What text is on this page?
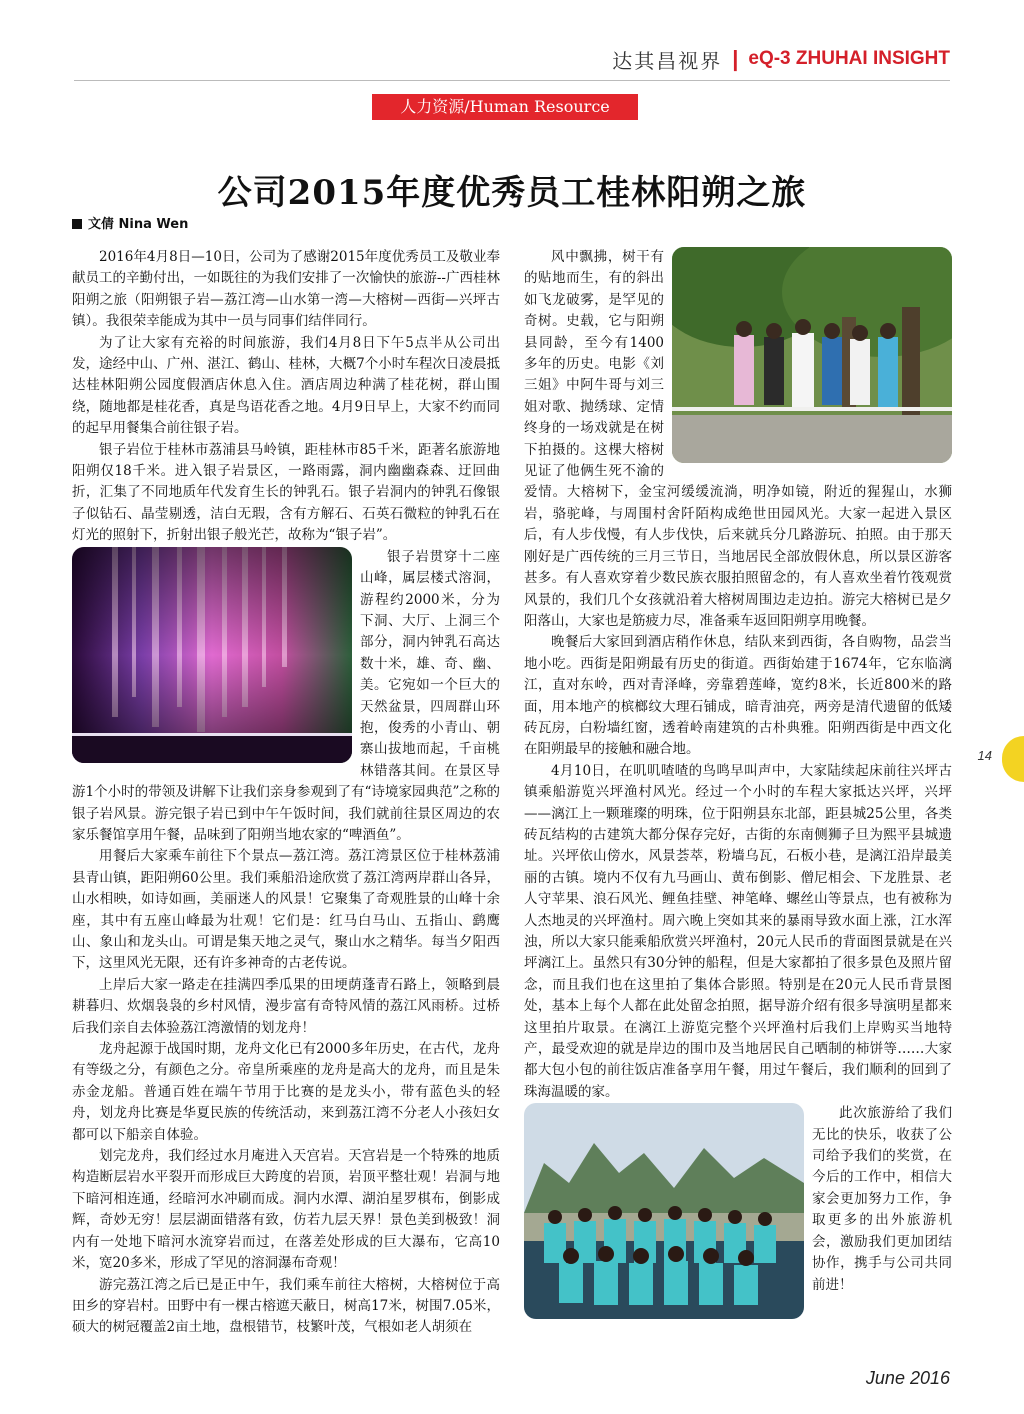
达其昌视界 | eQ-3 ZHUHAI INSIGHT
人力资源/Human Resource
公司2015年度优秀员工桂林阳朔之旅
文倩 Nina Wen

2016年4月8日—10日，公司为了感谢2015年度优秀员工及敬业奉献员工的辛勤付出，一如既往的为我们安排了一次愉快的旅游--广西桂林阳朔之旅（阳朔银子岩—荔江湾—山水第一湾—大榕树—西街—兴坪古镇）。我很荣幸能成为其中一员与同事们结伴同行。

为了让大家有充裕的时间旅游，我们4月8日下午5点半从公司出发，途经中山、广州、湛江、鹤山、桂林，大概7个小时车程次日凌晨抵达桂林阳朔公园度假酒店休息入住。酒店周边种满了桂花树，群山围绕，随地都是桂花香，真是鸟语花香之地。4月9日早上，大家不约而同的起早用餐集合前往银子岩。

银子岩位于桂林市荔浦县马岭镇，距桂林市85千米，距著名旅游地阳朔仅18千米。进入银子岩景区，一路雨露，洞内幽幽森森、迂回曲折，汇集了不同地质年代发育生长的钟乳石。银子岩洞内的钟乳石像银子似钻石、晶莹剔透，洁白无瑕，含有方解石、石英石微粒的钟乳石在灯光的照射下，折射出银子般光芒，故称为“银子岩”。

银子岩贯穿十二座山峰，属层楼式溶洞，游程约2000米，分为下洞、大厅、上洞三个部分，洞内钟乳石高达数十米，雄、奇、幽、美。它宛如一个巨大的天然盆景，四周群山环抱，俊秀的小青山、朝寨山拔地而起，千亩桃林错落其间。在景区导游1个小时的带领及讲解下让我们亲身参观到了有“诗境家园典范”之称的银子岩风景。游完银子岩已到中午午饭时间，我们就前往景区周边的农家乐餐馆享用午餐，品味到了阳朔当地农家的“啤酒鱼”。

用餐后大家乘车前往下个景点—荔江湾。荔江湾景区位于桂林荔浦县青山镇，距阳朔60公里。我们乘船沿途欣赏了荔江湾两岸群山各异，山水相映，如诗如画，美丽迷人的风景！它聚集了奇观胜景的山峰十余座，其中有五座山峰最为壮观！它们是：红马白马山、五指山、鹞鹰山、象山和龙头山。可谓是集天地之灵气，聚山水之精华。每当夕阳西下，这里风光无限，还有许多神奇的古老传说。

上岸后大家一路走在挂满四季瓜果的田埂荫蓬青石路上，领略到晨耕暮归、炊烟袅袅的乡村风情，漫步富有奇特风情的荔江风雨桥。过桥后我们亲自去体验荔江湾激情的划龙舟！

龙舟起源于战国时期，龙舟文化已有2000多年历史，在古代，龙舟有等级之分，有颜色之分。帝皇所乘座的龙舟是高大的龙舟，而且是朱赤金龙船。普通百姓在端午节用于比赛的是龙头小，带有蓝色头的轻舟，划龙舟比赛是华夏民族的传统活动，来到荔江湾不分老人小孩妇女都可以下船亲自体验。

划完龙舟，我们经过水月庵进入天宫岩。天宫岩是一个特殊的地质构造断层岩水平裂开而形成巨大跨度的岩顶，岩顶平整壮观！岩洞与地下暗河相连通，经暗河水冲刷而成。洞内水潭、湖泊星罗棋布，倒影成辉，奇妙无穷！层层湖面错落有致，仿若九层天界！景色美到极致！洞内有一处地下暗河水流穿岩而过，在落差处形成的巨大瀑布，它高10米，宽20多米，形成了罕见的溶洞瀑布奇观！

游完荔江湾之后已是正中午，我们乘车前往大榕树，大榕树位于高田乡的穿岩村。田野中有一棵古榕遮天蔽日，树高17米，树围7.05米，硕大的树冠覆盖2亩土地，盘根错节，枝繁叶茂，气根如老人胡须在

风中飘拂，树干有的贴地而生，有的斜出如飞龙破雾，是罕见的奇树。史载，它与阳朔县同龄，至今有1400多年的历史。电影《刘三姐》中阿牛哥与刘三姐对歌、抛绣球、定情终身的一场戏就是在树下拍摄的。这棵大榕树见证了他俩生死不渝的爱情。大榕树下，金宝河缓缓流淌，明净如镜，附近的猩猩山，水狮岩，骆驼峰，与周围村舍阡陌构成绝世田园风光。大家一起进入景区后，有人步伐慢，有人步伐快，后来就兵分几路游玩、拍照。由于那天刚好是广西传统的三月三节日，当地居民全部放假休息，所以景区游客甚多。有人喜欢穿着少数民族衣服拍照留念的，有人喜欢坐着竹筏观赏风景的，我们几个女孩就沿着大榕树周围边走边拍。游完大榕树已是夕阳落山，大家也是筋疲力尽，准备乘车返回阳朔享用晚餐。

晚餐后大家回到酒店稍作休息，结队来到西街，各自购物，品尝当地小吃。西街是阳朔最有历史的街道。西街始建于1674年，它东临漓江，直对东岭，西对青泽峰，旁靠碧莲峰，宽约8米，长近800米的路面，用本地产的槟榔纹大理石铺成，暗青油亮，两旁是清代遗留的低矮砖瓦房，白粉墙红窗，透着岭南建筑的古朴典雅。阳朔西街是中西文化在阳朔最早的接触和融合地。

4月10日，在叽叽喳喳的鸟鸣早叫声中，大家陆续起床前往兴坪古镇乘船游览兴坪渔村风光。经过一个小时的车程大家抵达兴坪，兴坪——漓江上一颗璀璨的明珠，位于阳朔县东北部，距县城25公里，各类砖瓦结构的古建筑大都分保存完好，古街的东南侧狮子旦为熙平县城遗址。兴坪依山傍水，风景荟萃，粉墙乌瓦，石板小巷，是漓江沿岸最美丽的古镇。境内不仅有九马画山、黄布倒影、僧尼相会、下龙胜景、老人守苹果、浪石风光、鲤鱼挂壁、神笔峰、螺丝山等景点，也有被称为人杰地灵的兴坪渔村。周六晚上突如其来的暴雨导致水面上涨，江水浑浊，所以大家只能乘船欣赏兴坪渔村，20元人民币的背面图景就是在兴坪漓江上。虽然只有30分钟的船程，但是大家都拍了很多景色及照片留念，而且我们也在这里拍了集体合影照。特别是在20元人民币背景图处，基本上每个人都在此处留念拍照，据导游介绍有很多导演明星都来这里拍片取景。在漓江上游览完整个兴坪渔村后我们上岸购买当地特产，最受欢迎的就是岸边的围巾及当地居民自己晒制的柿饼等……大家都大包小包的前往饭店准备享用午餐，用过午餐后，我们顺利的回到了珠海温暖的家。

此次旅游给了我们无比的快乐，收获了公司给予我们的奖赏，在今后的工作中，相信大家会更加努力工作，争取更多的出外旅游机会，激励我们更加团结协作，携手与公司共同前进！

14
June 2016
